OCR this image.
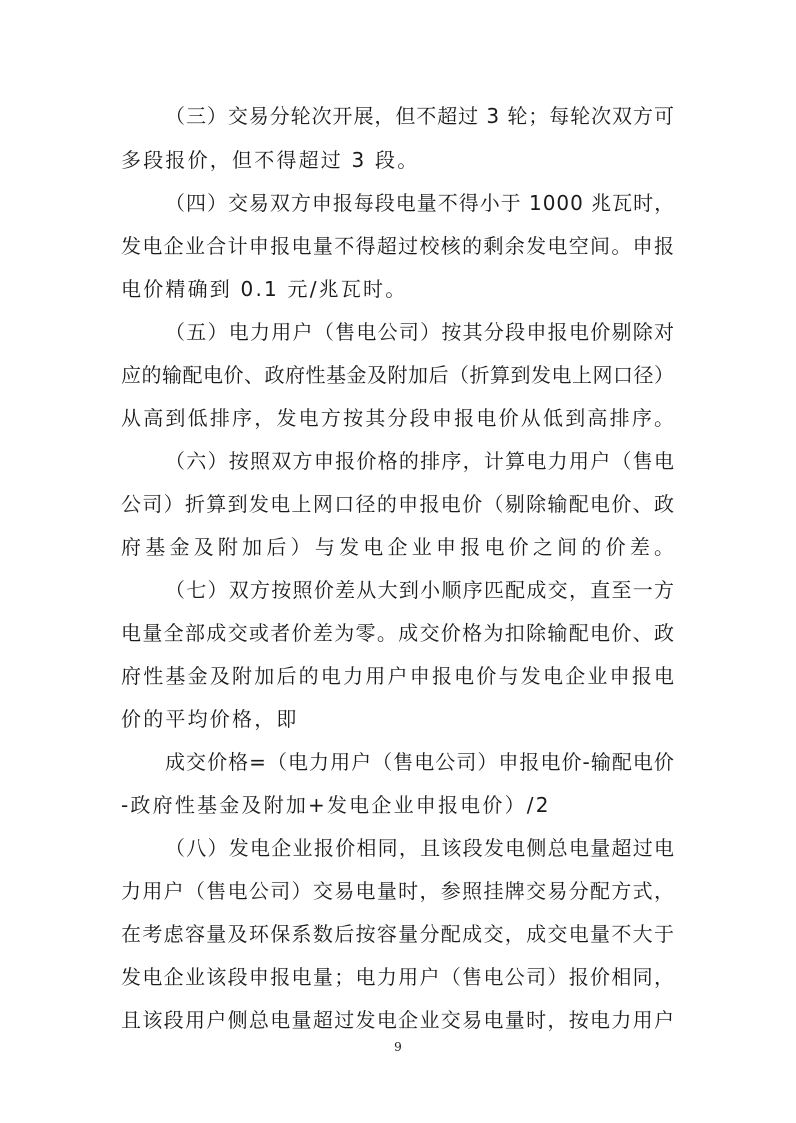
（三）交易分轮次开展，但不超过 3 轮；每轮次双方可
多段报价，但不得超过 3 段。
（四）交易双方申报每段电量不得小于 1000 兆瓦时，
发电企业合计申报电量不得超过校核的剩余发电空间。申报
电价精确到 0.1 元/兆瓦时。
（五）电力用户（售电公司）按其分段申报电价剔除对
应的输配电价、政府性基金及附加后（折算到发电上网口径）
从高到低排序，发电方按其分段申报电价从低到高排序。
（六）按照双方申报价格的排序，计算电力用户（售电
公司）折算到发电上网口径的申报电价（剔除输配电价、政
府基金及附加后）与发电企业申报电价之间的价差。
（七）双方按照价差从大到小顺序匹配成交，直至一方
电量全部成交或者价差为零。成交价格为扣除输配电价、政
府性基金及附加后的电力用户申报电价与发电企业申报电
价的平均价格，即
成交价格=（电力用户（售电公司）申报电价-输配电价
-政府性基金及附加+发电企业申报电价）/2
（八）发电企业报价相同，且该段发电侧总电量超过电
力用户（售电公司）交易电量时，参照挂牌交易分配方式，
在考虑容量及环保系数后按容量分配成交，成交电量不大于
发电企业该段申报电量；电力用户（售电公司）报价相同，
且该段用户侧总电量超过发电企业交易电量时，按电力用户
9
